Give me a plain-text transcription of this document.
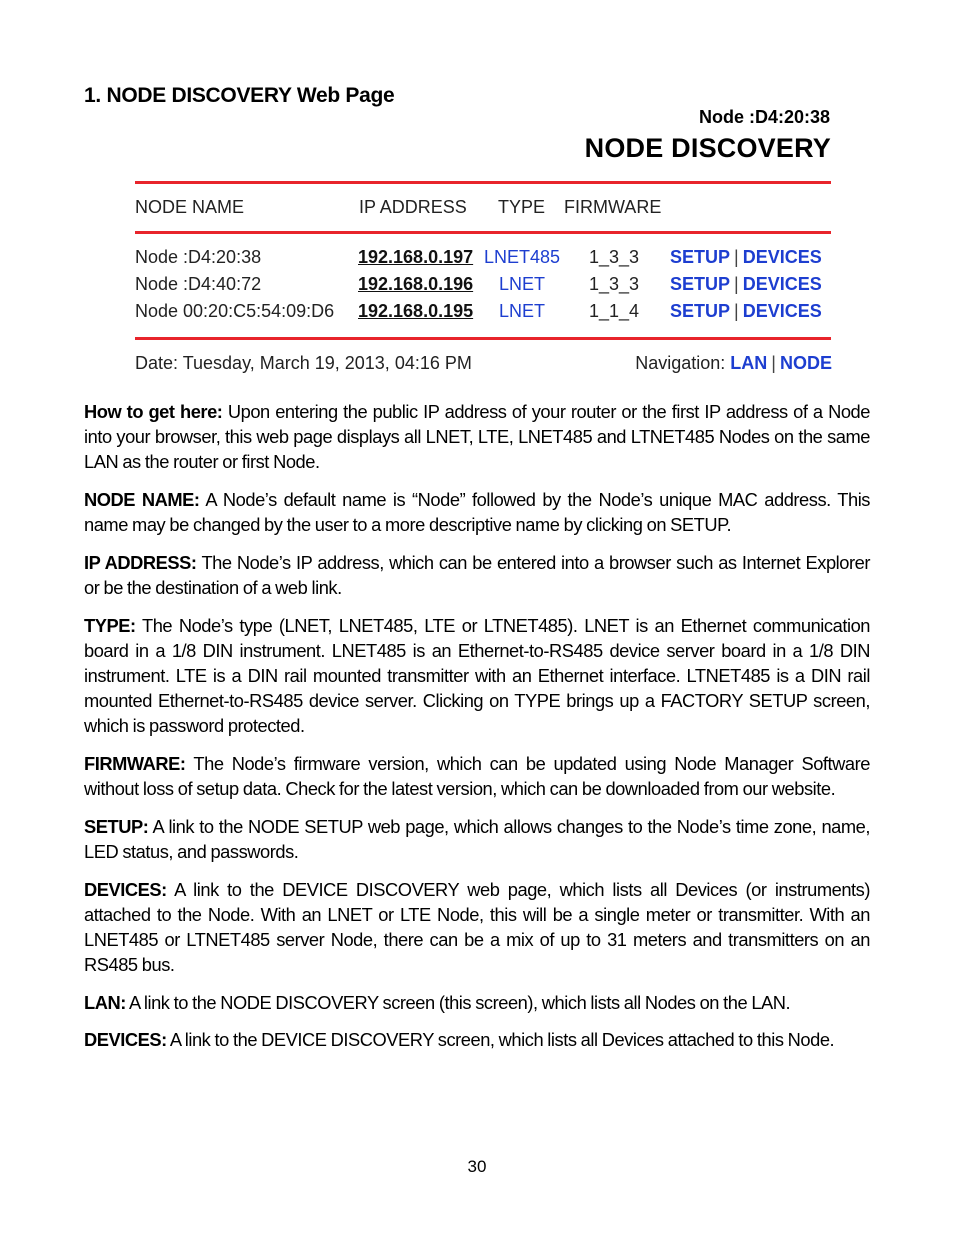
1. NODE DISCOVERY Web Page
Node :D4:20:38
NODE DISCOVERY
NODE NAME	IP ADDRESS TYPE FIRMWARE
Node :D4:20:38	192.168.0.197 LNET485 1_3_3 SETUP | DEVICES
Node :D4:40:72	192.168.0.196 LNET 1_3_3 SETUP | DEVICES
Node 00:20:C5:54:09:D6 192.168.0.195 LNET 1_1_4 SETUP | DEVICES
Date: Tuesday, March 19, 2013, 04:16 PM	Navigation: LAN | NODE

How to get here: Upon entering the public IP address of your router or the first IP address of a Node into your browser, this web page displays all LNET, LTE, LNET485 and LTNET485 Nodes on the same LAN as the router or first Node.

NODE NAME: A Node’s default name is “Node” followed by the Node’s unique MAC address. This name may be changed by the user to a more descriptive name by clicking on SETUP.

IP ADDRESS: The Node’s IP address, which can be entered into a browser such as Internet Explorer or be the destination of a web link.

TYPE: The Node’s type (LNET, LNET485, LTE or LTNET485). LNET is an Ethernet communication board in a 1/8 DIN instrument. LNET485 is an Ethernet-to-RS485 device server board in a 1/8 DIN instrument. LTE is a DIN rail mounted transmitter with an Ethernet interface. LTNET485 is a DIN rail mounted Ethernet-to-RS485 device server. Clicking on TYPE brings up a FACTORY SETUP screen, which is password protected.

FIRMWARE: The Node’s firmware version, which can be updated using Node Manager Software without loss of setup data. Check for the latest version, which can be downloaded from our website.

SETUP: A link to the NODE SETUP web page, which allows changes to the Node’s time zone, name, LED status, and passwords.

DEVICES: A link to the DEVICE DISCOVERY web page, which lists all Devices (or instruments) attached to the Node. With an LNET or LTE Node, this will be a single meter or transmitter. With an LNET485 or LTNET485 server Node, there can be a mix of up to 31 meters and transmitters on an RS485 bus.

LAN: A link to the NODE DISCOVERY screen (this screen), which lists all Nodes on the LAN.

DEVICES: A link to the DEVICE DISCOVERY screen, which lists all Devices attached to this Node.

30
